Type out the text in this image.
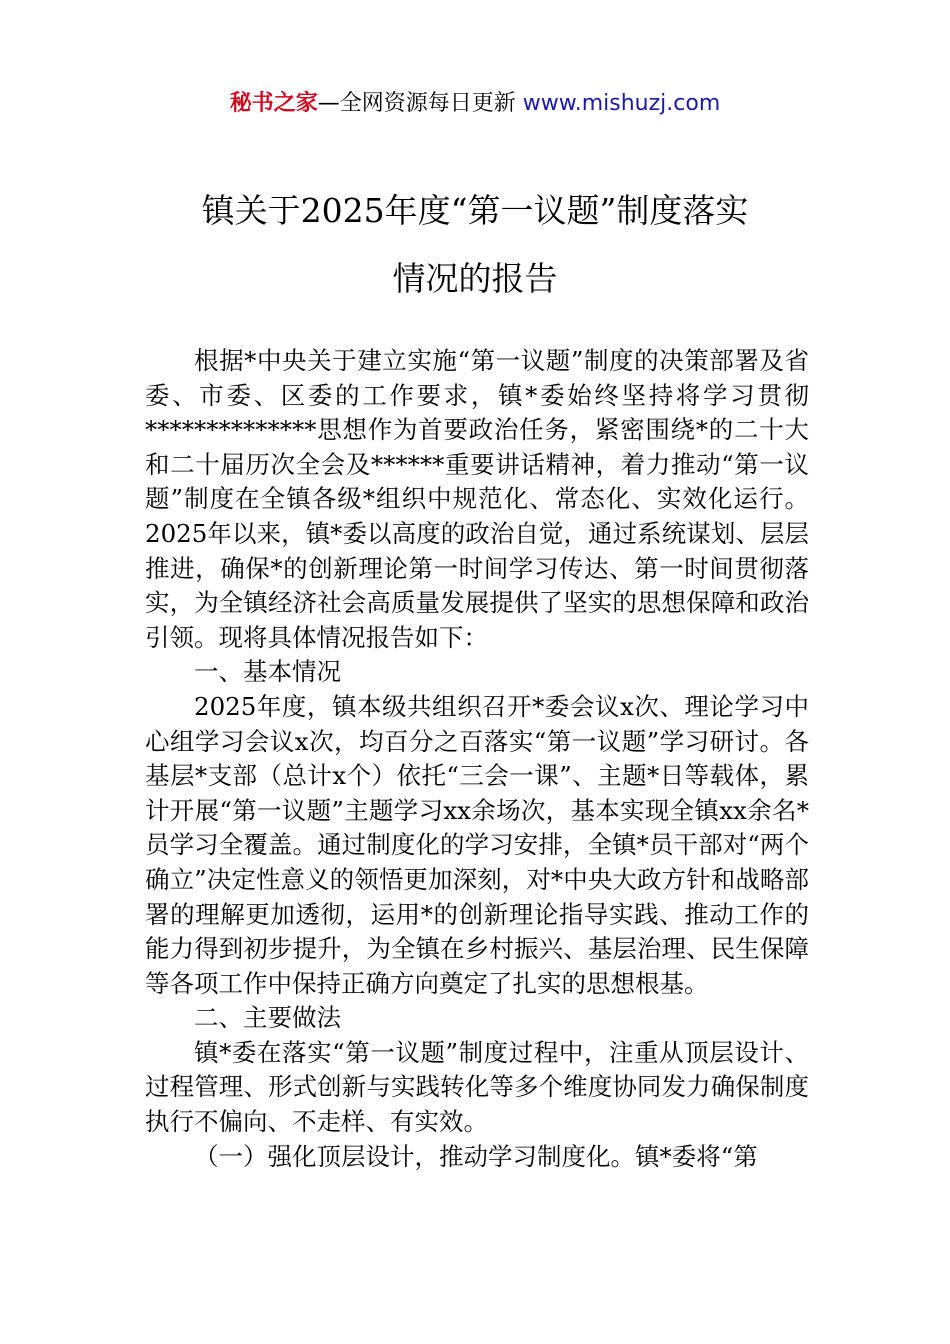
秘书之家—全网资源每日更新 www.mishuzj.com
镇关于2025年度“第一议题”制度落实
情况的报告

根据*中央关于建立实施“第一议题”制度的决策部署及省委、市委、区委的工作要求，镇*委始终坚持将学习贯彻**************思想作为首要政治任务，紧密围绕*的二十大和二十届历次全会及******重要讲话精神，着力推动“第一议题”制度在全镇各级*组织中规范化、常态化、实效化运行。2025年以来，镇*委以高度的政治自觉，通过系统谋划、层层推进，确保*的创新理论第一时间学习传达、第一时间贯彻落实，为全镇经济社会高质量发展提供了坚实的思想保障和政治引领。现将具体情况报告如下：

一、基本情况

2025年度，镇本级共组织召开*委会议x次、理论学习中心组学习会议x次，均百分之百落实“第一议题”学习研讨。各基层*支部（总计x个）依托“三会一课”、主题*日等载体，累计开展“第一议题”主题学习xx余场次，基本实现全镇xx余名*员学习全覆盖。通过制度化的学习安排，全镇*员干部对“两个确立”决定性意义的领悟更加深刻，对*中央大政方针和战略部署的理解更加透彻，运用*的创新理论指导实践、推动工作的能力得到初步提升，为全镇在乡村振兴、基层治理、民生保障等各项工作中保持正确方向奠定了扎实的思想根基。

二、主要做法

镇*委在落实“第一议题”制度过程中，注重从顶层设计、过程管理、形式创新与实践转化等多个维度协同发力确保制度执行不偏向、不走样、有实效。

（一）强化顶层设计，推动学习制度化。镇*委将“第
